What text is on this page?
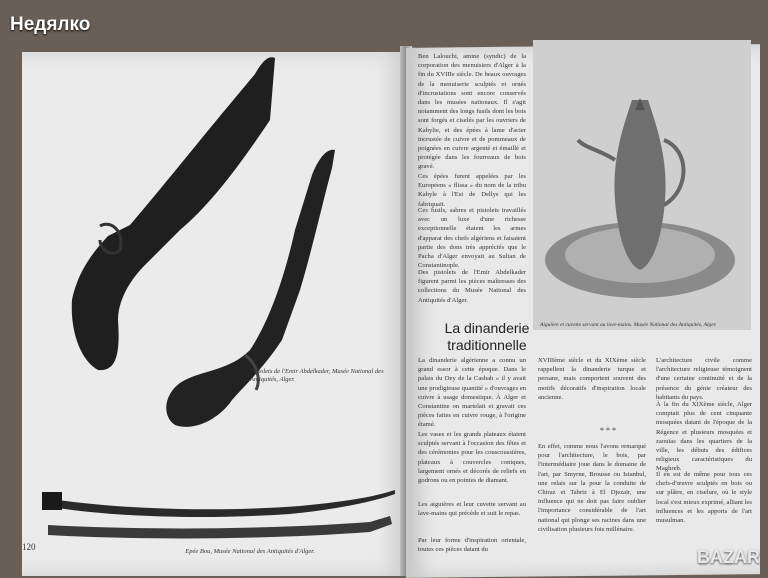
Недялко
Pistolets de l'Emir Abdelkader, Musée National des Antiquités, Alger.
Epée Bou, Musée National des Antiquités d'Alger.
120
Ben Lalouchi, amine (syndic) de la corporation des menuisiers d'Alger à la fin du XVIIIe siècle. De beaux ouvrages de la menuiserie sculptés et ornés d'incrustations sont encore conservés dans les musées nationaux. Il s'agit notamment des longs fusils dont les bois sont forgés et ciselés par les ouvriers de Kabylie, et des épées à lame d'acier incrustée de cuivre et de pommeaux de poignées en cuivre argenté et émaillé et protégée dans les fourreaux de bois gravé.
Ces épées furent appelées par les Européens « flissa » du nom de la tribu Kabyle à l'Est de Dellys qui les fabriquait.
Ces fusils, sabres et pistolets travaillés avec un luxe d'une richesse exceptionnelle étaient les armes d'apparat des chefs algériens et faisaient partie des dons très appréciés que le Pacha d'Alger envoyait au Sultan de Constantinople.
Des pistolets de l'Emir Abdelkader figurent parmi les pièces maîtresses des collections du Musée National des Antiquités d'Alger.
Aiguière et cuvette servant au lave-mains. Musée National des Antiquités, Alger.
La dinanderie
traditionnelle
La dinanderie algérienne a connu un grand essor à cette époque. Dans le palais du Dey de la Casbah « il y avait une prodigieuse quantité » d'ouvrages en cuivre à usage domestique. À Alger et Constantine on martelait et gravait ces pièces faites en cuivre rouge, à l'origine étamé.
Les vases et les grands plateaux étaient sculptés servant à l'occasion des fêtes et des cérémonies pour les couscoussières, plateaux à couvercles coniques, largement ornés et décorés de reliefs en godrons ou en pointes de diamant.
Les aiguières et leur cuvette servant au lave-mains qui précède et suit le repas.
Par leur forme d'inspiration orientale, toutes ces pièces datant du
XVIIIème siècle et du XIXème siècle rappellent la dinanderie turque et persane, mais comportent souvent des motifs décoratifs d'inspiration locale ancienne.
* * *
En effet, comme nous l'avons remarqué pour l'architecture, le bois, par l'intermédiaire joue dans le domaine de l'art, par Smyrne, Brousse ou Istanbul, une relais sur la pour la conduite de Chiraz et Tabriz à El Djezaïr, une influence qui ne doit pas faire oublier l'importance considérable de l'art national qui plonge ses racines dans une civilisation plusieurs fois millénaire.
L'architecture civile comme l'architecture religieuse témoignent d'une certaine continuité et de la présence du génie créateur des habitants du pays.
À la fin du XIXème siècle, Alger comptait plus de cent cinquante mosquées datant de l'époque de la Régence et plusieurs mosquées et zaouïas dans les quartiers de la ville, les débuts des édifices religieux caractéristiques du Maghreb.
Il en est de même pour tous ces chefs-d'œuvre sculptés en bois ou sur plâtre, en ciselure, où le style local s'est mieux exprimé, alliant les influences et les apports de l'art musulman.
BAZAR
